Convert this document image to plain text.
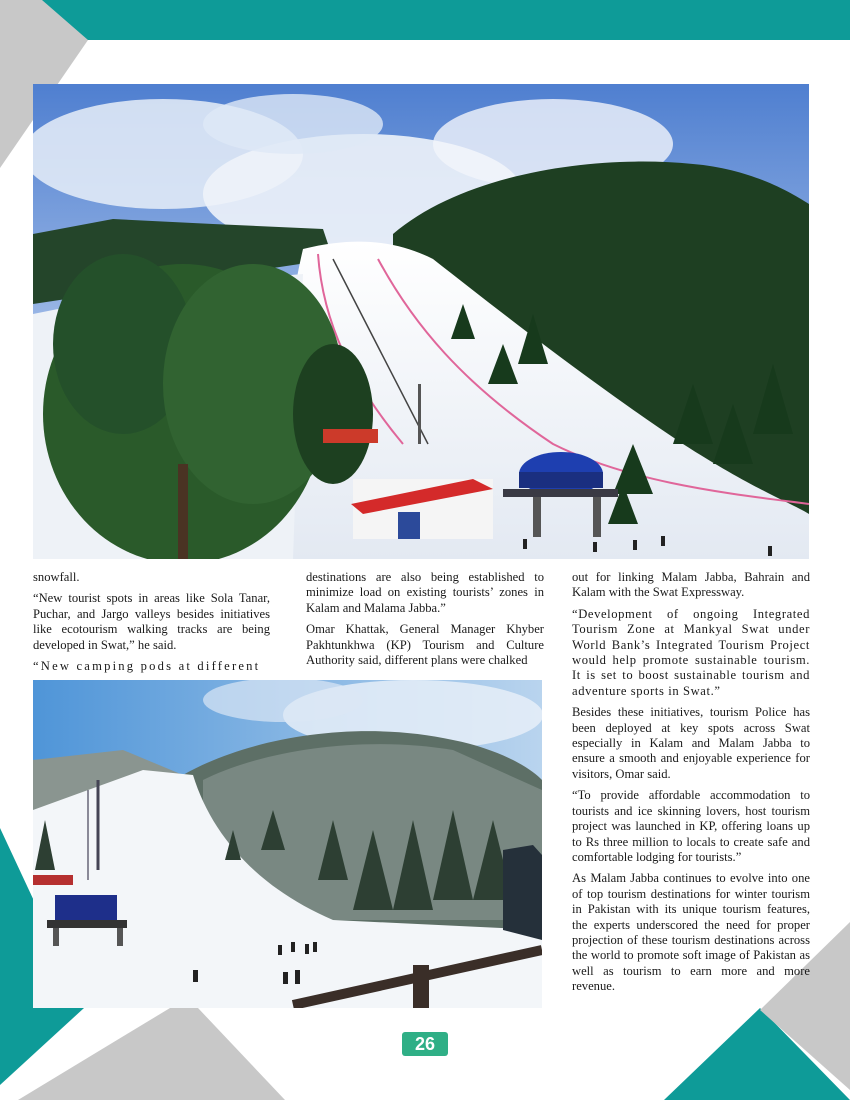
snowfall.

“New tourist spots in areas like Sola Tanar, Puchar, and Jargo valleys besides initiatives like ecotourism walking tracks are being developed in Swat,” he said.

“New camping pods at different

destinations are also being established to minimize load on existing tourists’ zones in Kalam and Malama Jabba.”

Omar Khattak, General Manager Khyber Pakhtunkhwa (KP) Tourism and Culture Authority said, different plans were chalked

out for linking Malam Jabba, Bahrain and Kalam with the Swat Expressway.

“Development of ongoing Integrated Tourism Zone at Mankyal Swat under World Bank’s Integrated Tourism Project would help promote sustainable tourism. It is set to boost sustainable tourism and adventure sports in Swat.”

Besides these initiatives, tourism Police has been deployed at key spots across Swat especially in Kalam and Malam Jabba to ensure a smooth and enjoyable experience for visitors, Omar said.

“To provide affordable accommodation to tourists and ice skinning lovers, host tourism project was launched in KP, offering loans up to Rs three million to locals to create safe and comfortable lodging for tourists.”

As Malam Jabba continues to evolve into one of top tourism destinations for winter tourism in Pakistan with its unique tourism features, the experts underscored the need for proper projection of these tourism destinations across the world to promote soft image of Pakistan as well as tourism to earn more and more revenue.

26
